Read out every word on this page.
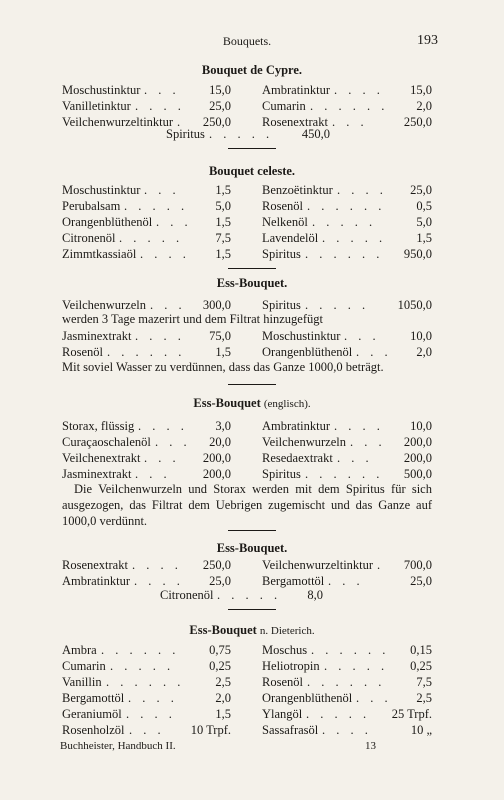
Bouquets.	193
Bouquet de Cypre.
Moschustinktur . . .	15,0 Ambratinktur . . . .	15,0
Vanilletinktur . . . .	25,0 Cumarin . . . . . .	2,0
Veilchenwurzeltinktur .	250,0 Rosenextrakt . . .	250,0
Spiritus . . . . .	450,0
Bouquet celeste.
Moschustinktur . . .	1,5 Benzoëtinktur . . . .	25,0
Perubalsam . . . . .	5,0 Rosenöl . . . . . .	0,5
Orangenblüthenöl . . .	1,5 Nelkenöl . . . . .	5,0
Citronenöl . . . . .	7,5 Lavendelöl . . . . .	1,5
Zimmtkassiaöl . . . .	1,5 Spiritus . . . . . .	950,0
Ess-Bouquet.
Veilchenwurzeln . . .	300,0 Spiritus . . . . .	1050,0
werden 3 Tage mazerirt und dem Filtrat hinzugefügt
Jasminextrakt . . . .	75,0 Moschustinktur . . .	10,0
Rosenöl . . . . . .	1,5 Orangenblüthenöl . . .	2,0
Mit soviel Wasser zu verdünnen, dass das Ganze 1000,0 beträgt.
Ess-Bouquet (englisch).
Storax, flüssig . . . .	3,0 Ambratinktur . . . .	10,0
Curaçaoschalenöl . . .	20,0 Veilchenwurzeln . . .	200,0
Veilchenextrakt . . .	200,0 Resedaextrakt . . .	200,0
Jasminextrakt . . .	200,0 Spiritus . . . . . .	500,0
Die Veilchenwurzeln und Storax werden mit dem Spiritus für sich ausgezogen, das Filtrat dem Uebrigen zugemischt und das Ganze auf 1000,0 verdünnt.
Ess-Bouquet.
Rosenextrakt . . . .	250,0 Veilchenwurzeltinktur .	700,0
Ambratinktur . . . .	25,0 Bergamottöl . . .	25,0
Citronenöl . . . . .	8,0
Ess-Bouquet n. Dieterich.
Ambra . . . . . .	0,75 Moschus . . . . . .	0,15
Cumarin . . . . .	0,25 Heliotropin . . . . .	0,25
Vanillin . . . . . .	2,5 Rosenöl . . . . . .	7,5
Bergamottöl . . . .	2,0 Orangenblüthenöl . . .	2,5
Geraniumöl . . . .	1,5 Ylangöl . . . . .	25 Trpf.
Rosenholzöl . . .	10 Trpf. Sassafrasöl . . . .	10 „
Buchheister, Handbuch II.	13
